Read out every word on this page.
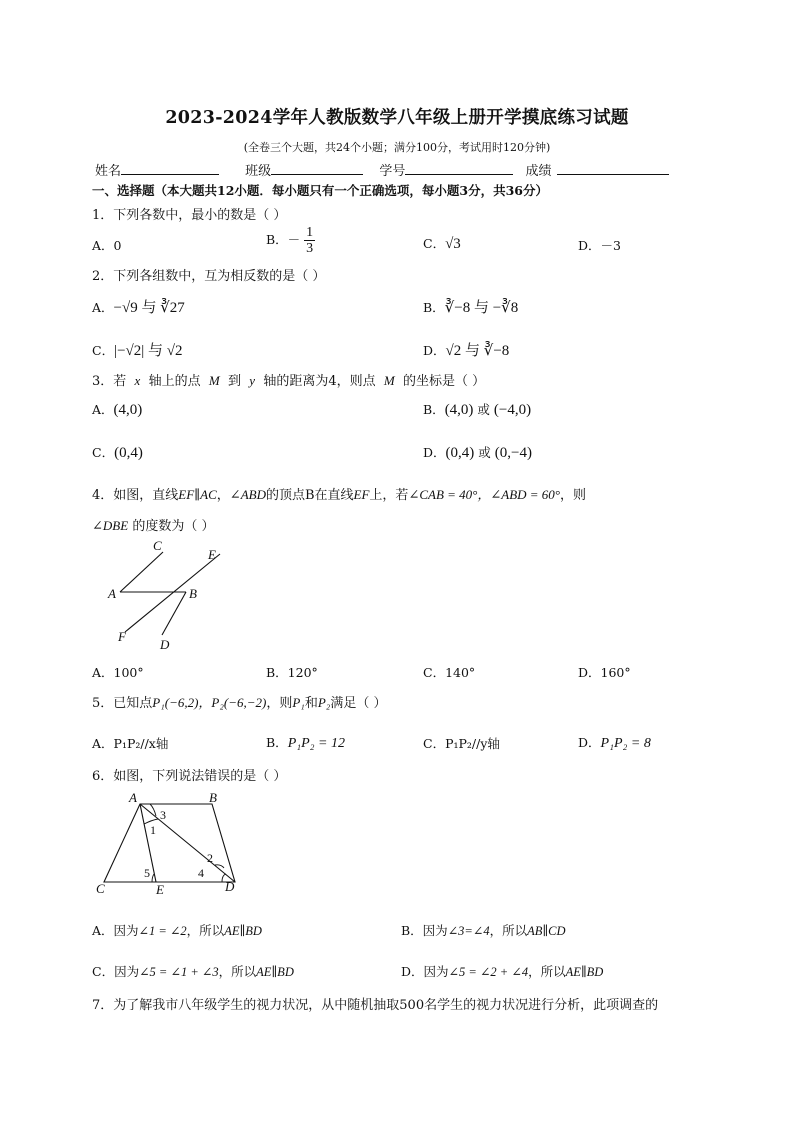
2023-2024学年人教版数学八年级上册开学摸底练习试题
(全卷三个大题，共24个小题；满分100分，考试用时120分钟)
姓名	班级	学号	成绩
一、选择题（本大题共12小题．每小题只有一个正确选项，每小题3分，共36分）
1．下列各数中，最小的数是（ ）
A．0	B．－ $\frac{1}{3}$	C．√3	D．－3
2．下列各组数中，互为相反数的是（ ）
A．−√9 与 ∛27	B．∛−8 与 −∛8
C．|−√2| 与 √2	D．√2 与 ∛−8
3．若 x 轴上的点 M 到 y 轴的距离为4，则点 M 的坐标是（ ）
A．(4,0)	B．(4,0) 或 (−4,0)
C．(0,4)	D．(0,4) 或 (0,−4)
4．如图，直线EF∥AC，∠ABD的顶点B在直线EF上，若∠CAB = 40°，∠ABD = 60°，则
∠DBE 的度数为（ ）
C
E
A	B
F
D
A．100°	B．120°	C．140°	D．160°
5．已知点P₁(−6,2)，P₂(−6,−2)，则P₁和P₂满足（ ）
A．P₁P₂//x轴	B．P₁P₂ = 12	C．P₁P₂//y轴	D．P₁P₂ = 8
6．如图，下列说法错误的是（ ）
A	B
C	D
E
1
3
2
4
5
A．因为∠1 = ∠2，所以AE∥BD	B．因为∠3=∠4，所以AB∥CD
C．因为∠5 = ∠1 + ∠3，所以AE∥BD	D．因为∠5 = ∠2 + ∠4，所以AE∥BD
7．为了解我市八年级学生的视力状况，从中随机抽取500名学生的视力状况进行分析，此项调查的
